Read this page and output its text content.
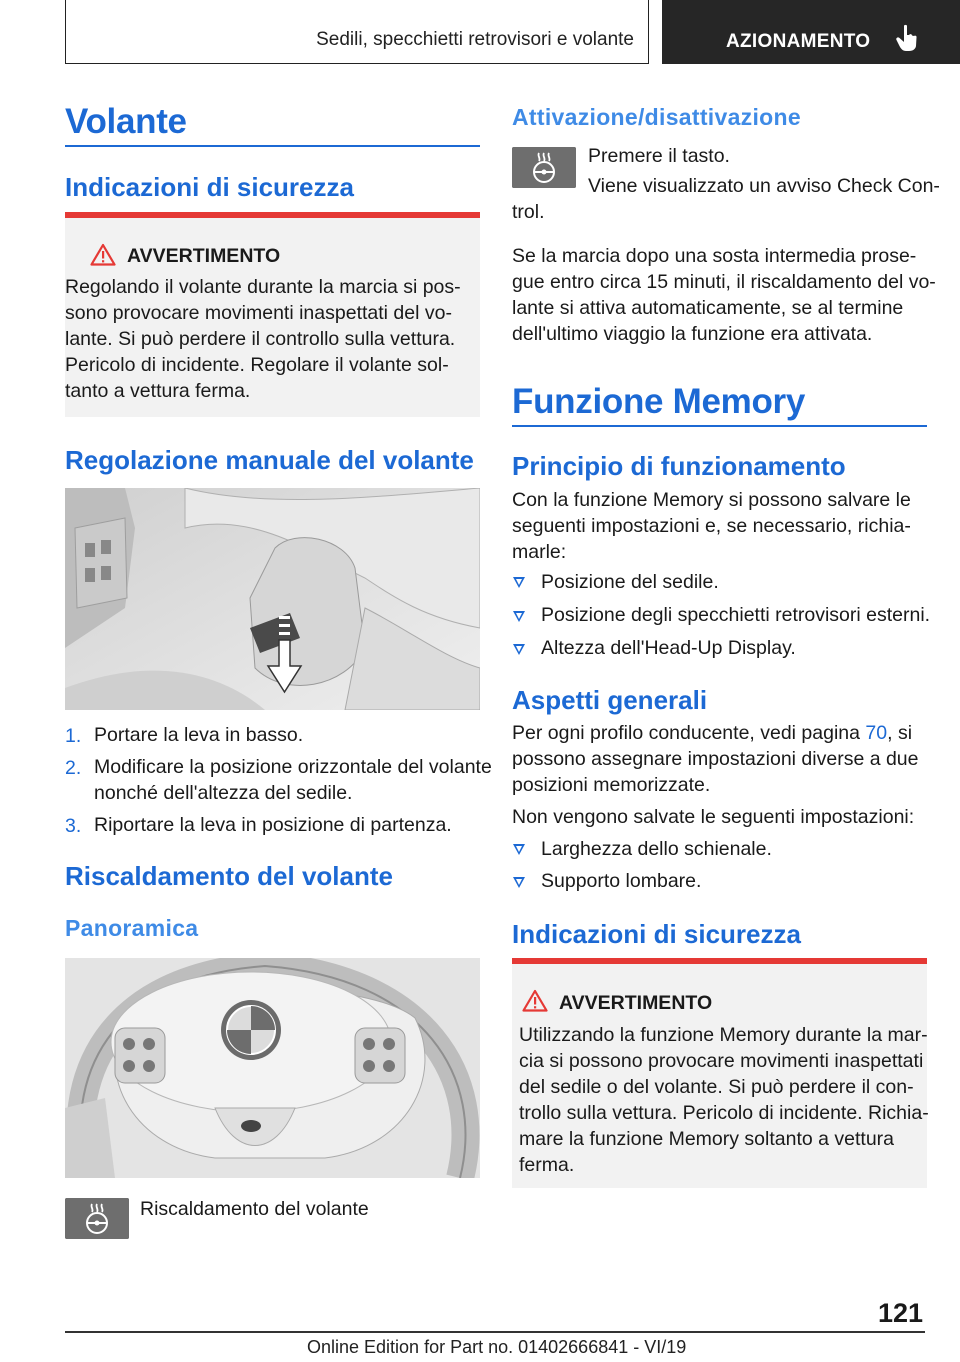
Sedili, specchietti retrovisori e volante	AZIONAMENTO
Volante
Indicazioni di sicurezza
AVVERTIMENTO
Regolando il volante durante la marcia si pos-
sono provocare movimenti inaspettati del vo-
lante. Si può perdere il controllo sulla vettura.
Pericolo di incidente. Regolare il volante sol-
tanto a vettura ferma.
Regolazione manuale del volante
1. Portare la leva in basso.
2. Modificare la posizione orizzontale del volante
nonché dell'altezza del sedile.
3. Riportare la leva in posizione di partenza.
Riscaldamento del volante
Panoramica
Riscaldamento del volante
Attivazione/disattivazione
Premere il tasto.
Viene visualizzato un avviso Check Con-
trol.
Se la marcia dopo una sosta intermedia prose-
gue entro circa 15 minuti, il riscaldamento del vo-
lante si attiva automaticamente, se al termine
dell'ultimo viaggio la funzione era attivata.
Funzione Memory
Principio di funzionamento
Con la funzione Memory si possono salvare le
seguenti impostazioni e, se necessario, richia-
marle:
Posizione del sedile.
Posizione degli specchietti retrovisori esterni.
Altezza dell'Head-Up Display.
Aspetti generali
Per ogni profilo conducente, vedi pagina 70, si
possono assegnare impostazioni diverse a due
posizioni memorizzate.
Non vengono salvate le seguenti impostazioni:
Larghezza dello schienale.
Supporto lombare.
Indicazioni di sicurezza
AVVERTIMENTO
Utilizzando la funzione Memory durante la mar-
cia si possono provocare movimenti inaspettati
del sedile o del volante. Si può perdere il con-
trollo sulla vettura. Pericolo di incidente. Richia-
mare la funzione Memory soltanto a vettura
ferma.
121
Online Edition for Part no. 01402666841 - VI/19
